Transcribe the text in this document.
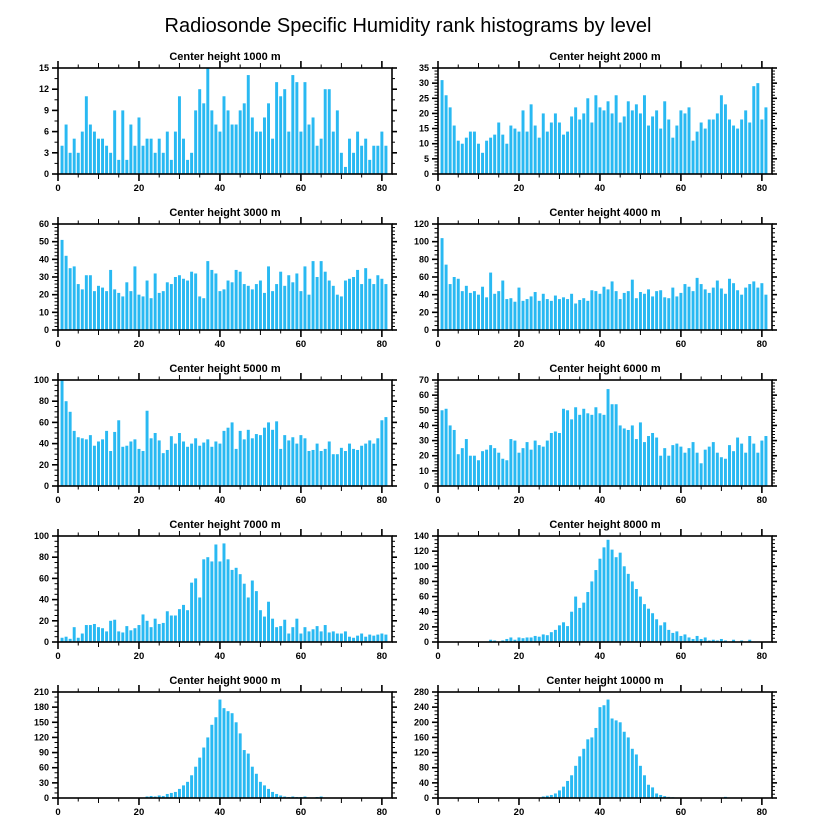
Radiosonde Specific Humidity rank histograms by level
Center height 1000 m
0
3
6
9
12
15
0	20	40	60	80
Center height 2000 m
0
5
10
15
20
25
30
35
0	20	40	60	80
Center height 3000 m
0
10
20
30
40
50
60
0	20	40	60	80
Center height 4000 m
0
20
40
60
80
100
120
0	20	40	60	80
Center height 5000 m
0
20
40
60
80
100
0	20	40	60	80
Center height 6000 m
0
10
20
30
40
50
60
70
0	20	40	60	80
Center height 7000 m
0
20
40
60
80
100
0	20	40	60	80
Center height 8000 m
0
20
40
60
80
100
120
140
0	20	40	60	80
Center height 9000 m
0
30
60
90
120
150
180
210
0	20	40	60	80
Center height 10000 m
0
40
80
120
160
200
240
280
0	20	40	60	80
